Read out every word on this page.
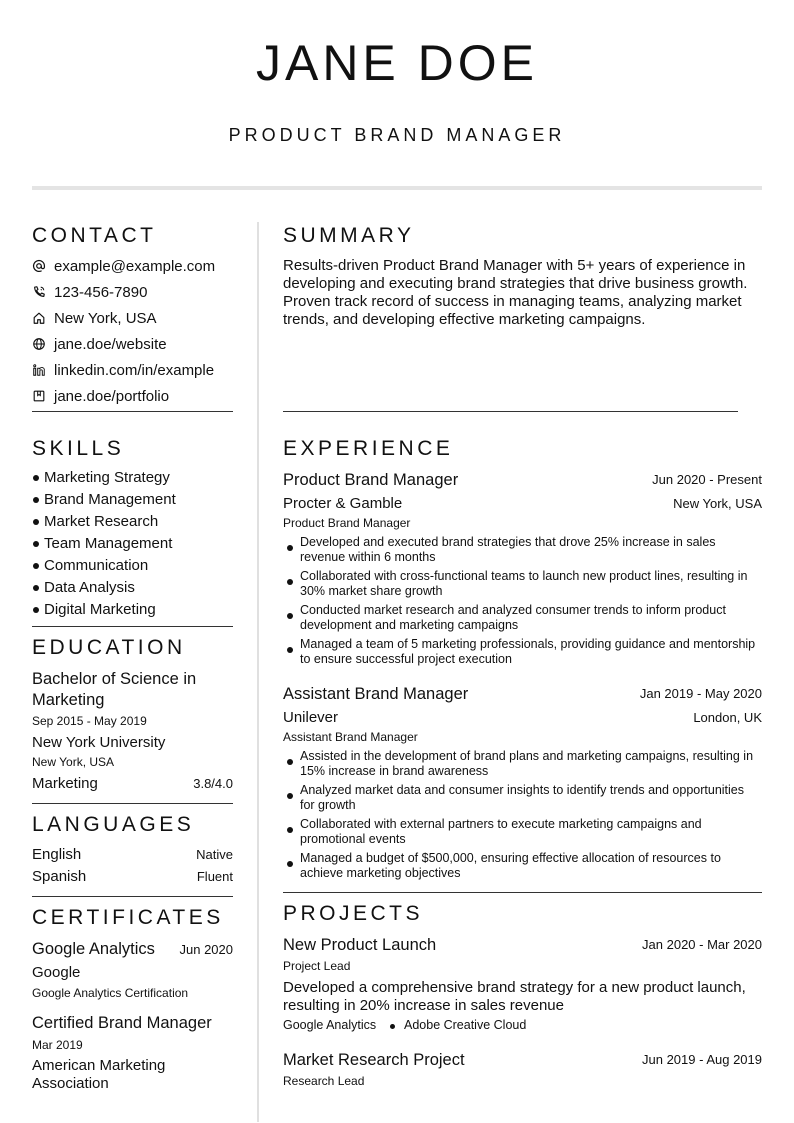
JANE DOE
PRODUCT BRAND MANAGER
CONTACT
example@example.com
123-456-7890
New York, USA
jane.doe/website
linkedin.com/in/example
jane.doe/portfolio
SKILLS
Marketing Strategy
Brand Management
Market Research
Team Management
Communication
Data Analysis
Digital Marketing
EDUCATION
Bachelor of Science in Marketing
Sep 2015 - May 2019
New York University
New York, USA
Marketing	3.8/4.0
LANGUAGES
English	Native
Spanish	Fluent
CERTIFICATES
Google Analytics	Jun 2020
Google
Google Analytics Certification
Certified Brand Manager
Mar 2019
American Marketing Association
SUMMARY
Results-driven Product Brand Manager with 5+ years of experience in developing and executing brand strategies that drive business growth. Proven track record of success in managing teams, analyzing market trends, and developing effective marketing campaigns.
EXPERIENCE
Product Brand Manager	Jun 2020 - Present
Procter & Gamble	New York, USA
Product Brand Manager
Developed and executed brand strategies that drove 25% increase in sales revenue within 6 months
Collaborated with cross-functional teams to launch new product lines, resulting in 30% market share growth
Conducted market research and analyzed consumer trends to inform product development and marketing campaigns
Managed a team of 5 marketing professionals, providing guidance and mentorship to ensure successful project execution
Assistant Brand Manager	Jan 2019 - May 2020
Unilever	London, UK
Assistant Brand Manager
Assisted in the development of brand plans and marketing campaigns, resulting in 15% increase in brand awareness
Analyzed market data and consumer insights to identify trends and opportunities for growth
Collaborated with external partners to execute marketing campaigns and promotional events
Managed a budget of $500,000, ensuring effective allocation of resources to achieve marketing objectives
PROJECTS
New Product Launch	Jan 2020 - Mar 2020
Project Lead
Developed a comprehensive brand strategy for a new product launch, resulting in 20% increase in sales revenue
Google Analytics Adobe Creative Cloud
Market Research Project	Jun 2019 - Aug 2019
Research Lead
